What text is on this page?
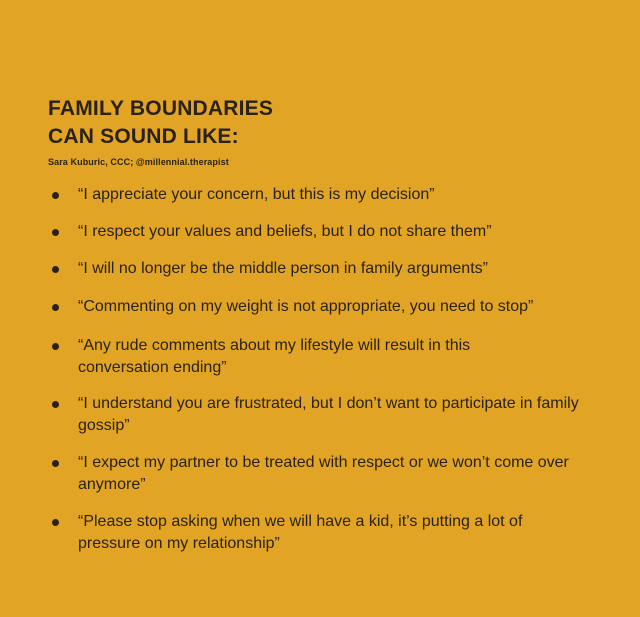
FAMILY BOUNDARIES
CAN SOUND LIKE:
Sara Kuburic, CCC; @millennial.therapist
“I appreciate your concern, but this is my decision”
“I respect your values and beliefs, but I do not share them”
“I will no longer be the middle person in family arguments”
“Commenting on my weight is not appropriate, you need to stop”
“Any rude comments about my lifestyle will result in this conversation ending”
“I understand you are frustrated, but I don’t want to participate in family gossip”
“I expect my partner to be treated with respect or we won’t come over anymore”
“Please stop asking when we will have a kid, it’s putting a lot of pressure on my relationship”
